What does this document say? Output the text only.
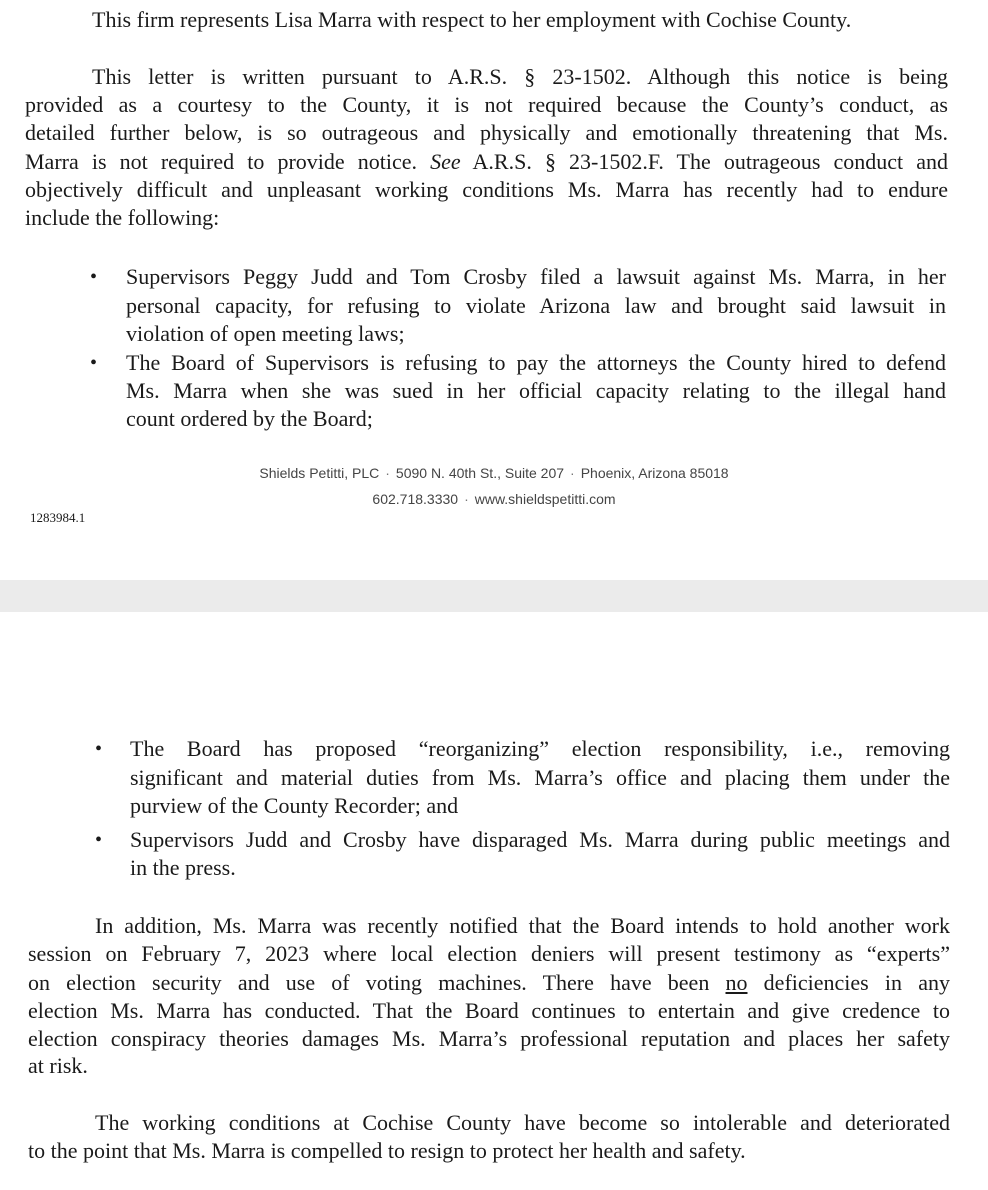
This firm represents Lisa Marra with respect to her employment with Cochise County.
This letter is written pursuant to A.R.S. § 23-1502. Although this notice is being
provided as a courtesy to the County, it is not required because the County’s conduct, as
detailed further below, is so outrageous and physically and emotionally threatening that Ms.
Marra is not required to provide notice. See A.R.S. § 23-1502.F. The outrageous conduct and
objectively difficult and unpleasant working conditions Ms. Marra has recently had to endure
include the following:
• Supervisors Peggy Judd and Tom Crosby filed a lawsuit against Ms. Marra, in her
personal capacity, for refusing to violate Arizona law and brought said lawsuit in
violation of open meeting laws;
• The Board of Supervisors is refusing to pay the attorneys the County hired to defend
Ms. Marra when she was sued in her official capacity relating to the illegal hand
count ordered by the Board;
Shields Petitti, PLC · 5090 N. 40th St., Suite 207 · Phoenix, Arizona 85018
602.718.3330 · www.shieldspetitti.com
1283984.1
• The Board has proposed “reorganizing” election responsibility, i.e., removing
significant and material duties from Ms. Marra’s office and placing them under the
purview of the County Recorder; and
• Supervisors Judd and Crosby have disparaged Ms. Marra during public meetings and
in the press.
In addition, Ms. Marra was recently notified that the Board intends to hold another work
session on February 7, 2023 where local election deniers will present testimony as “experts”
on election security and use of voting machines. There have been no deficiencies in any
election Ms. Marra has conducted. That the Board continues to entertain and give credence to
election conspiracy theories damages Ms. Marra’s professional reputation and places her safety
at risk.
The working conditions at Cochise County have become so intolerable and deteriorated
to the point that Ms. Marra is compelled to resign to protect her health and safety.
